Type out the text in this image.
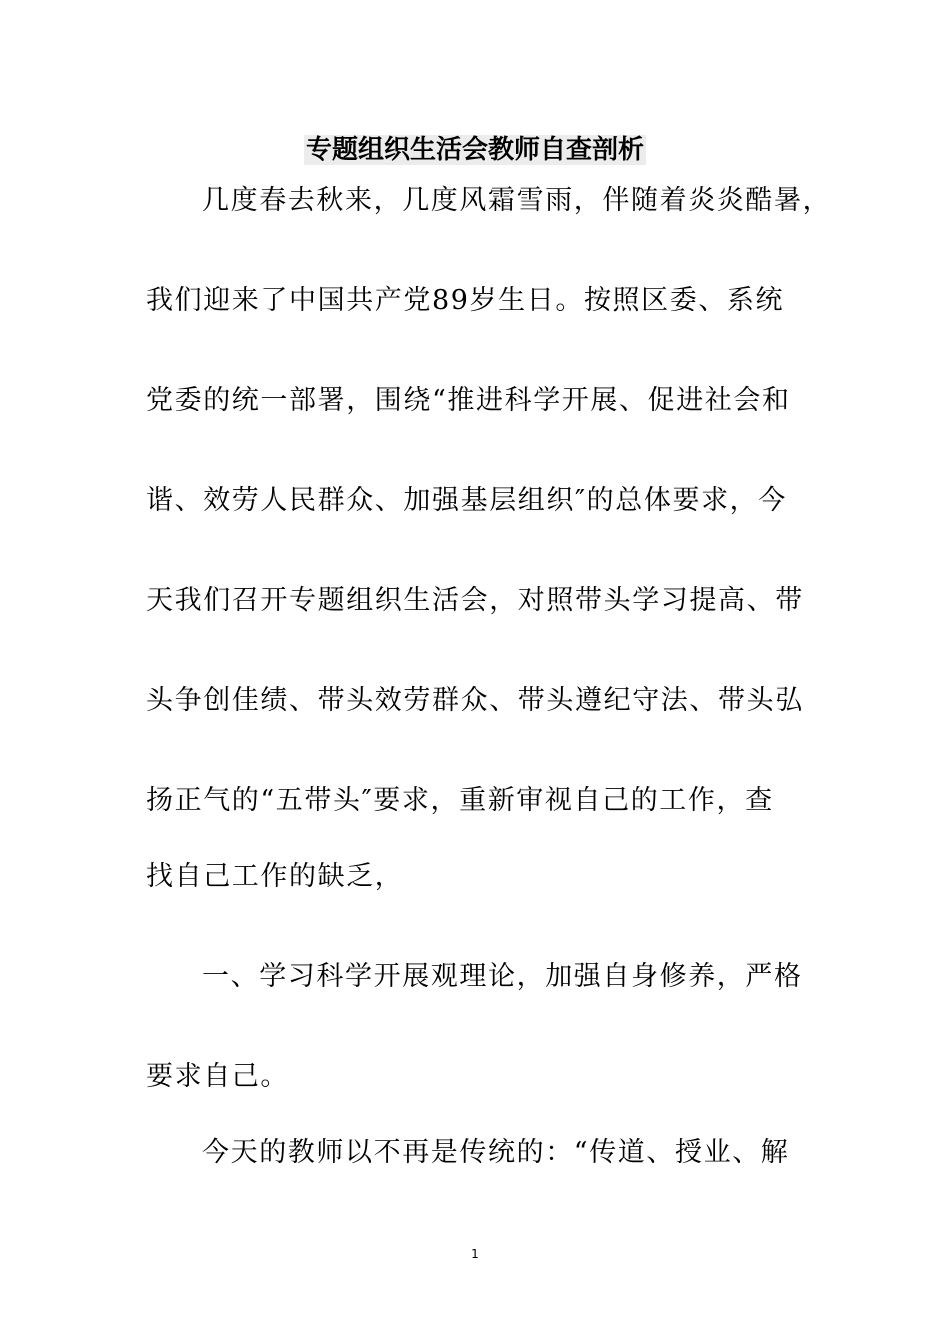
专题组织生活会教师自查剖析
几度春去秋来，几度风霜雪雨，伴随着炎炎酷暑，
我们迎来了中国共产党89岁生日。按照区委、系统
党委的统一部署，围绕“推进科学开展、促进社会和
谐、效劳人民群众、加强基层组织″的总体要求，今
天我们召开专题组织生活会，对照带头学习提高、带
头争创佳绩、带头效劳群众、带头遵纪守法、带头弘
扬正气的“五带头″要求，重新审视自己的工作，查
找自己工作的缺乏，
一、学习科学开展观理论，加强自身修养，严格
要求自己。
今天的教师以不再是传统的：“传道、授业、解
1
